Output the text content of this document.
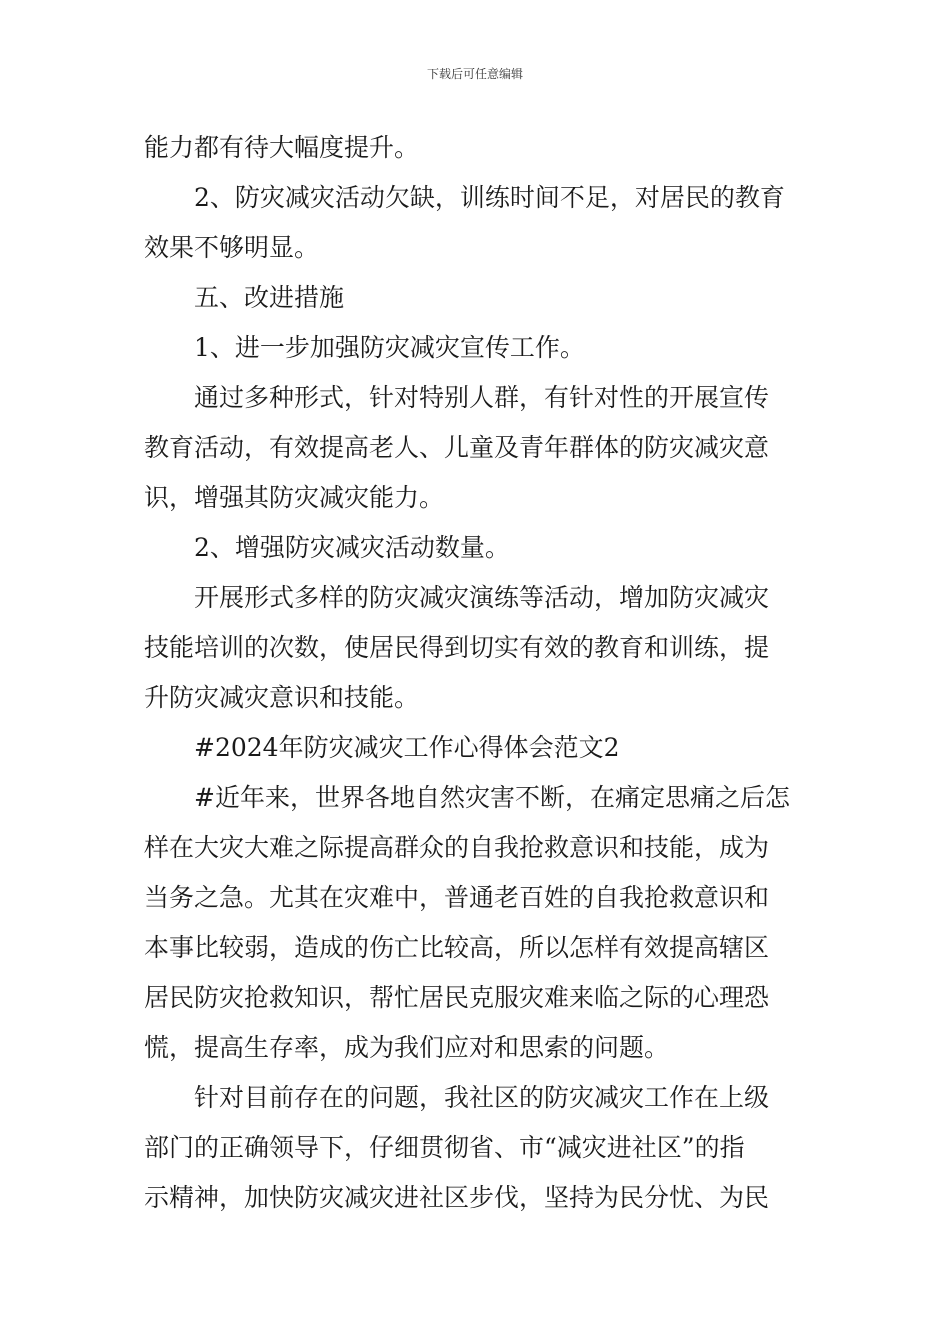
下载后可任意编辑
能力都有待大幅度提升。
2、防灾减灾活动欠缺，训练时间不足，对居民的教育
效果不够明显。
五、改进措施
1、进一步加强防灾减灾宣传工作。
通过多种形式，针对特别人群，有针对性的开展宣传
教育活动，有效提高老人、儿童及青年群体的防灾减灾意
识，增强其防灾减灾能力。
2、增强防灾减灾活动数量。
开展形式多样的防灾减灾演练等活动，增加防灾减灾
技能培训的次数，使居民得到切实有效的教育和训练，提
升防灾减灾意识和技能。
#2024年防灾减灾工作心得体会范文2
#近年来，世界各地自然灾害不断，在痛定思痛之后怎
样在大灾大难之际提高群众的自我抢救意识和技能，成为
当务之急。尤其在灾难中，普通老百姓的自我抢救意识和
本事比较弱，造成的伤亡比较高，所以怎样有效提高辖区
居民防灾抢救知识，帮忙居民克服灾难来临之际的心理恐
慌，提高生存率，成为我们应对和思索的问题。
针对目前存在的问题，我社区的防灾减灾工作在上级
部门的正确领导下，仔细贯彻省、市“减灾进社区”的指
示精神，加快防灾减灾进社区步伐，坚持为民分忧、为民
